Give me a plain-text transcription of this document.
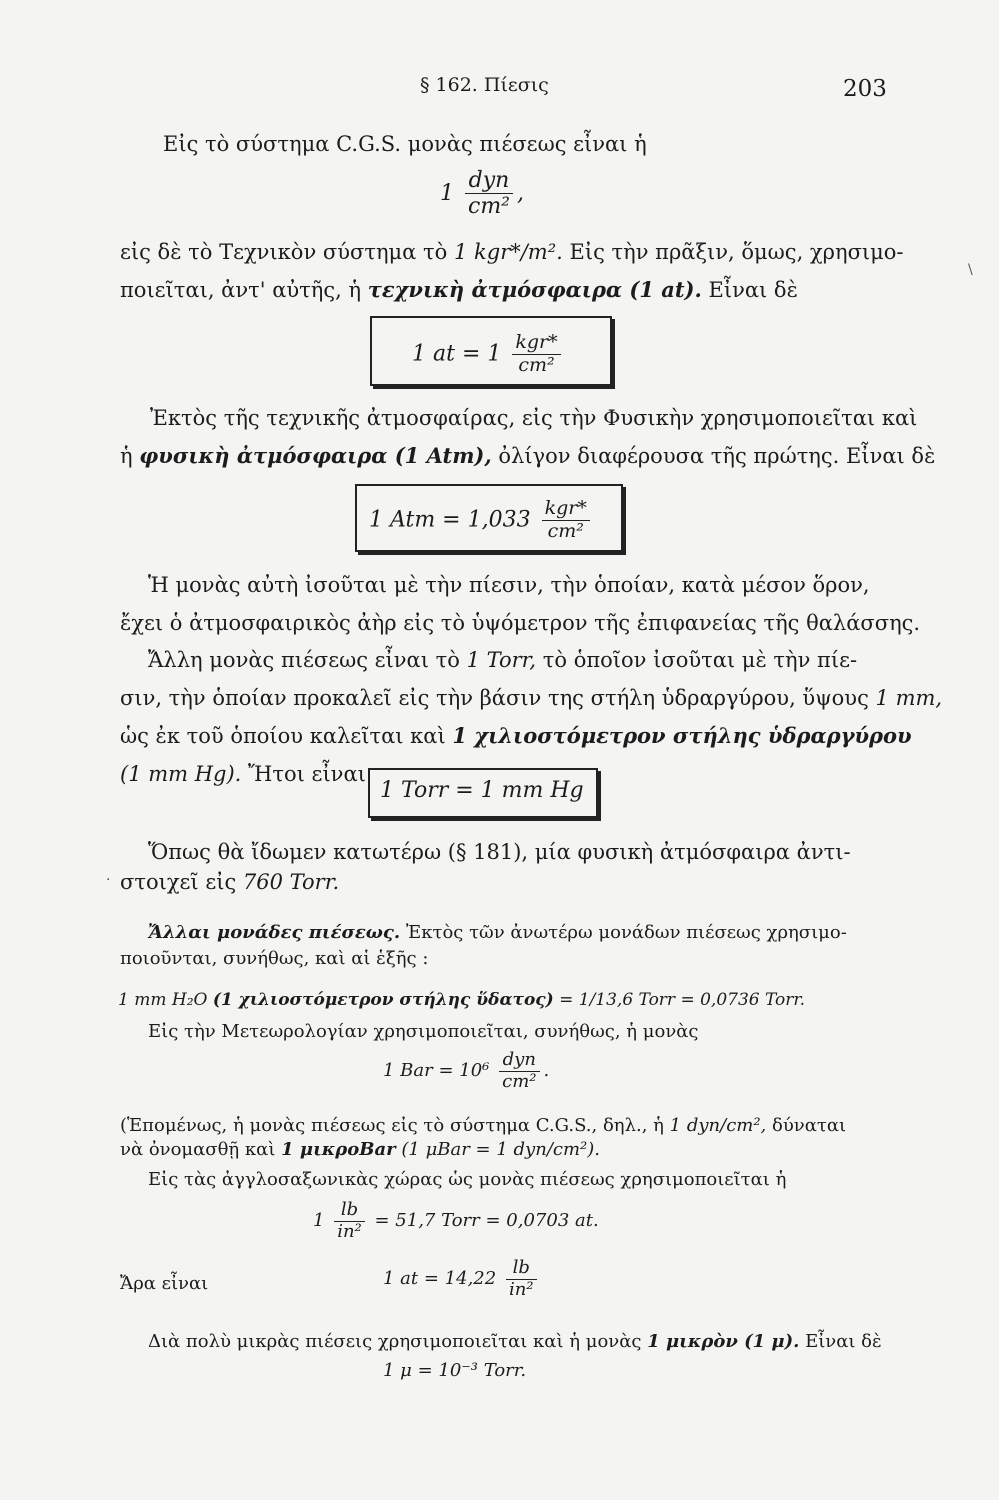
§ 162. Πίεσις	203
Εἰς τὸ σύστημα C.G.S. μονὰς πιέσεως εἶναι ἡ
$1 \frac{\text{dyn}}{\text{cm²}}$ ,
εἰς δὲ τὸ Τεχνικὸν σύστημα τὸ 1 kgr*/m². Εἰς τὴν πρᾶξιν, ὅμως, χρησιμο-
ποιεῖται, ἀντ' αὐτῆς, ἡ τεχνικὴ ἀτμόσφαιρα (1 at). Εἶναι δὲ
1 at = $1 \frac{\text{kgr*}}{\text{cm²}}$
Ἐκτὸς τῆς τεχνικῆς ἀτμοσφαίρας, εἰς τὴν Φυσικὴν χρησιμοποιεῖται καὶ
ἡ φυσικὴ ἀτμόσφαιρα (1 Atm), ὀλίγον διαφέρουσα τῆς πρώτης. Εἶναι δὲ
1 Atm = $1,033 \frac{\text{kgr*}}{\text{cm²}}$
Ἡ μονὰς αὐτὴ ἰσοῦται μὲ τὴν πίεσιν, τὴν ὁποίαν, κατὰ μέσον ὅρον,
ἔχει ὁ ἀτμοσφαιρικὸς ἀὴρ εἰς τὸ ὑψόμετρον τῆς ἐπιφανείας τῆς θαλάσσης.
Ἄλλη μονὰς πιέσεως εἶναι τὸ 1 Torr, τὸ ὁποῖον ἰσοῦται μὲ τὴν πίε-
σιν, τὴν ὁποίαν προκαλεῖ εἰς τὴν βάσιν της στήλη ὑδραργύρου, ὕψους 1 mm,
ὡς ἐκ τοῦ ὁποίου καλεῖται καὶ 1 χιλιοστόμετρον στήλης ὑδραργύρου
(1 mm Hg). Ἤτοι εἶναι
1 Torr = 1 mm Hg
Ὅπως θὰ ἴδωμεν κατωτέρω (§ 181), μία φυσικὴ ἀτμόσφαιρα ἀντι-
στοιχεῖ εἰς 760 Torr.
Ἄλλαι μονάδες πιέσεως. Ἐκτὸς τῶν ἀνωτέρω μονάδων πιέσεως χρησιμο-
ποιοῦνται, συνήθως, καὶ αἱ ἑξῆς :
1 mm H₂O (1 χιλιοστόμετρον στήλης ὕδατος) = 1/13,6 Torr = 0,0736 Torr.
Εἰς τὴν Μετεωρολογίαν χρησιμοποιεῖται, συνήθως, ἡ μονὰς
1 Bar = $10^6 \frac{\text{dyn}}{\text{cm²}}$ .
(Ἑπομένως, ἡ μονὰς πιέσεως εἰς τὸ σύστημα C.G.S., δηλ., ἡ 1 dyn/cm², δύναται
νὰ ὀνομασθῇ καὶ 1 μικροBar (1 μBar = 1 dyn/cm²).
Εἰς τὰς ἀγγλοσαξωνικὰς χώρας ὡς μονὰς πιέσεως χρησιμοποιεῖται ἡ
$1 \frac{lb}{\text{in²}} = 51,7$ Torr = 0,0703 at.
Ἄρα εἶναι	1 at = $14,22 \frac{lb}{\text{in²}}$
Διὰ πολὺ μικρὰς πιέσεις χρησιμοποιεῖται καὶ ἡ μονὰς 1 μικρὸν (1 μ). Εἶναι δὲ
1 μ = 10⁻³ Torr.
\
.
